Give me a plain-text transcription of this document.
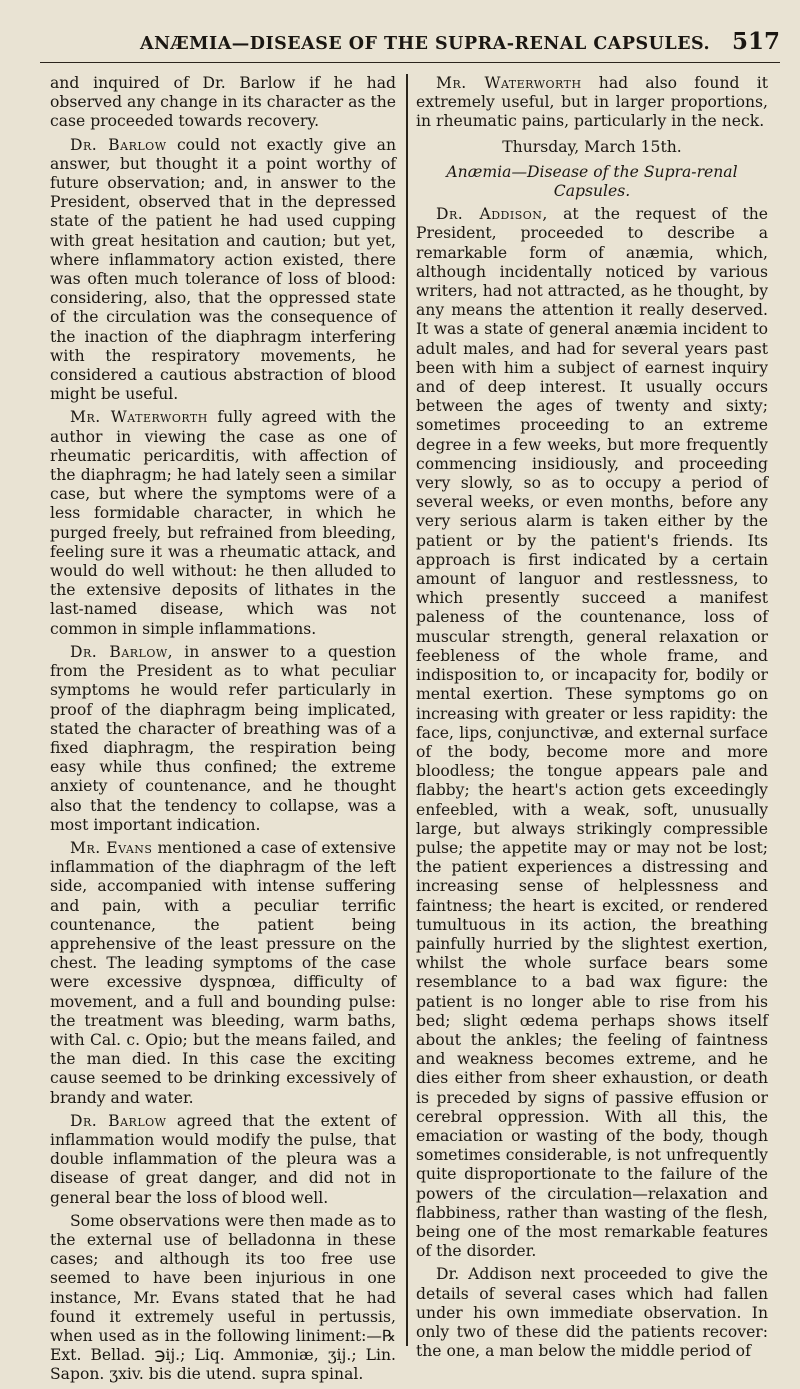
ANÆMIA—DISEASE OF THE SUPRA-RENAL CAPSULES. 517

and inquired of Dr. Barlow if he had observed any change in its character as the case proceeded towards recovery.

Dr. Barlow could not exactly give an answer, but thought it a point worthy of future observation; and, in answer to the President, observed that in the depressed state of the patient he had used cupping with great hesitation and caution; but yet, where inflammatory action existed, there was often much tolerance of loss of blood: considering, also, that the oppressed state of the circulation was the consequence of the inaction of the diaphragm interfering with the respiratory movements, he considered a cautious abstraction of blood might be useful.

Mr. Waterworth fully agreed with the author in viewing the case as one of rheumatic pericarditis, with affection of the diaphragm; he had lately seen a similar case, but where the symptoms were of a less formidable character, in which he purged freely, but refrained from bleeding, feeling sure it was a rheumatic attack, and would do well without: he then alluded to the extensive deposits of lithates in the last-named disease, which was not common in simple inflammations.

Dr. Barlow, in answer to a question from the President as to what peculiar symptoms he would refer particularly in proof of the diaphragm being implicated, stated the character of breathing was of a fixed diaphragm, the respiration being easy while thus confined; the extreme anxiety of countenance, and he thought also that the tendency to collapse, was a most important indication.

Mr. Evans mentioned a case of extensive inflammation of the diaphragm of the left side, accompanied with intense suffering and pain, with a peculiar terrific countenance, the patient being apprehensive of the least pressure on the chest. The leading symptoms of the case were excessive dyspnœa, difficulty of movement, and a full and bounding pulse: the treatment was bleeding, warm baths, with Cal. c. Opio; but the means failed, and the man died. In this case the exciting cause seemed to be drinking excessively of brandy and water.

Dr. Barlow agreed that the extent of inflammation would modify the pulse, that double inflammation of the pleura was a disease of great danger, and did not in general bear the loss of blood well.

Some observations were then made as to the external use of belladonna in these cases; and although its too free use seemed to have been injurious in one instance, Mr. Evans stated that he had found it extremely useful in pertussis, when used as in the following liniment:—℞ Ext. Bellad. ℈ij.; Liq. Ammoniæ, ʒij.; Lin. Sapon. ʒxiv. bis die utend. supra spinal.

Mr. Waterworth had also found it extremely useful, but in larger proportions, in rheumatic pains, particularly in the neck.

Thursday, March 15th.

Anæmia—Disease of the Supra-renal Capsules.

Dr. Addison, at the request of the President, proceeded to describe a remarkable form of anæmia, which, although incidentally noticed by various writers, had not attracted, as he thought, by any means the attention it really deserved. It was a state of general anæmia incident to adult males, and had for several years past been with him a subject of earnest inquiry and of deep interest. It usually occurs between the ages of twenty and sixty; sometimes proceeding to an extreme degree in a few weeks, but more frequently commencing insidiously, and proceeding very slowly, so as to occupy a period of several weeks, or even months, before any very serious alarm is taken either by the patient or by the patient's friends. Its approach is first indicated by a certain amount of languor and restlessness, to which presently succeed a manifest paleness of the countenance, loss of muscular strength, general relaxation or feebleness of the whole frame, and indisposition to, or incapacity for, bodily or mental exertion. These symptoms go on increasing with greater or less rapidity: the face, lips, conjunctivæ, and external surface of the body, become more and more bloodless; the tongue appears pale and flabby; the heart's action gets exceedingly enfeebled, with a weak, soft, unusually large, but always strikingly compressible pulse; the appetite may or may not be lost; the patient experiences a distressing and increasing sense of helplessness and faintness; the heart is excited, or rendered tumultuous in its action, the breathing painfully hurried by the slightest exertion, whilst the whole surface bears some resemblance to a bad wax figure: the patient is no longer able to rise from his bed; slight œdema perhaps shows itself about the ankles; the feeling of faintness and weakness becomes extreme, and he dies either from sheer exhaustion, or death is preceded by signs of passive effusion or cerebral oppression. With all this, the emaciation or wasting of the body, though sometimes considerable, is not unfrequently quite disproportionate to the failure of the powers of the circulation—relaxation and flabbiness, rather than wasting of the flesh, being one of the most remarkable features of the disorder.

Dr. Addison next proceeded to give the details of several cases which had fallen under his own immediate observation. In only two of these did the patients recover: the one, a man below the middle period of
